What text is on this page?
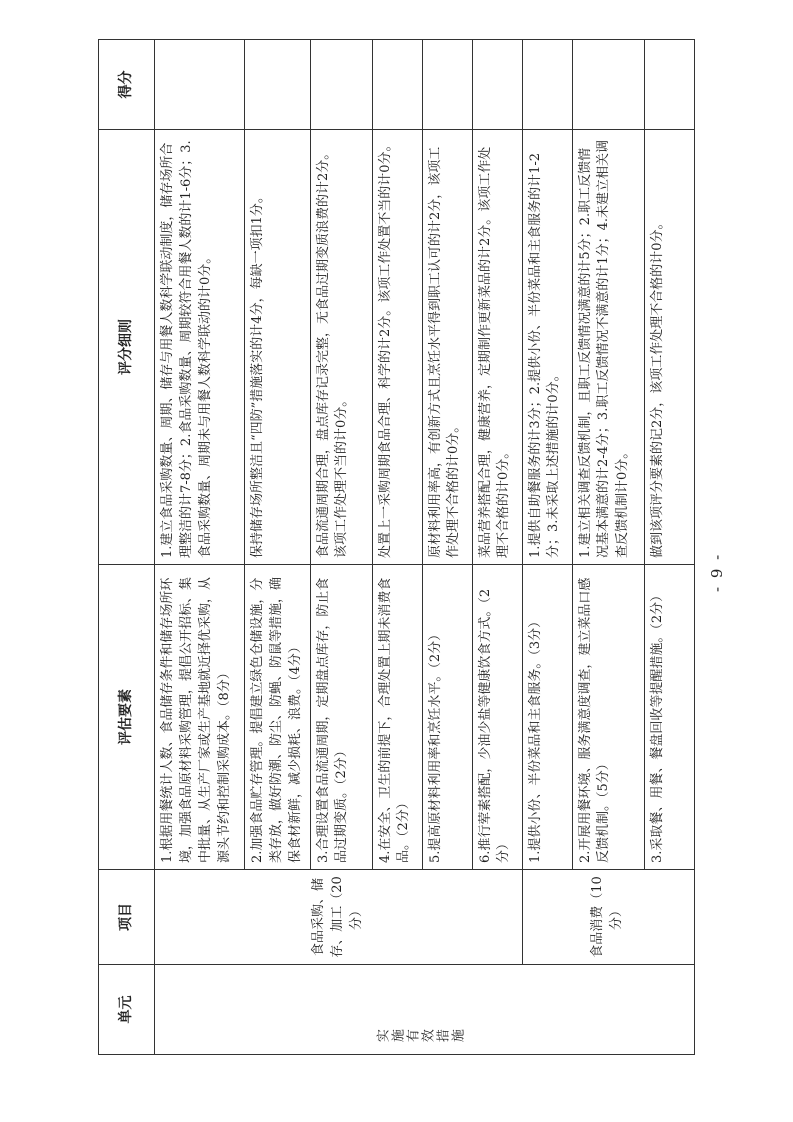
单元	项目	评估要素	评分细则	得分
实施有效措施	食品采购、储存、加工（20分）	1.根据用餐统计人数、食品储存条件和储存场所环境，加强食品原材料采购管理，提倡公开招标、集中批量、从生产厂家或生产基地就近择优采购，从源头节约和控制采购成本。（8分）	1.建立食品采购数量、周期、储存与用餐人数科学联动制度，储存场所合理整洁的计7-8分；2.食品采购数量、周期较符合用餐人数的计1-6分；3.食品采购数量、周期未与用餐人数科学联动的计0分。	
		2.加强食品贮存管理。提倡建立绿色仓储设施，分类存放，做好防潮、防尘、防蝇、防鼠等措施，确保食材新鲜，减少损耗、浪费。（4分）	保持储存场所整洁且“四防”措施落实的计4分，每缺一项扣1分。	
		3.合理设置食品流通周期，定期盘点库存，防止食品过期变质。（2分）	食品流通周期合理，盘点库存记录完整，无食品过期变质浪费的计2分。该项工作处理不当的计0分。	
		4.在安全、卫生的前提下，合理处置上期未消费食品。（2分）	处置上一采购周期食品合理、科学的计2分。该项工作处置不当的计0分。	
		5.提高原材料利用率和烹饪水平。（2分）	原材料利用率高，有创新方式且烹饪水平得到职工认可的计2分，该项工作处理不合格的计0分。	
		6.推行荤素搭配，少油少盐等健康饮食方式。（2分）	菜品营养搭配合理，健康营养，定期制作更新菜品的计2分。该项工作处理不合格的计0分。	
	食品消费（10分）	1.提供小份、半份菜品和主食服务。（3分）	1.提供自助餐服务的计3分；2.提供小份、半份菜品和主食服务的计1-2分；3.未采取上述措施的计0分。	
		2.开展用餐环境、服务满意度调查，建立菜品口感反馈机制。（5分）	1.建立相关调查反馈机制，且职工反馈情况满意的计5分；2.职工反馈情况基本满意的计2-4分；3.职工反馈情况不满意的计1分；4.未建立相关调查反馈机制计0分。	
		3.采取餐、用餐、餐盘回收等提醒措施。（2分）	做到该项评分要素的记2分，该项工作处理不合格的计0分。	
- 9 -
